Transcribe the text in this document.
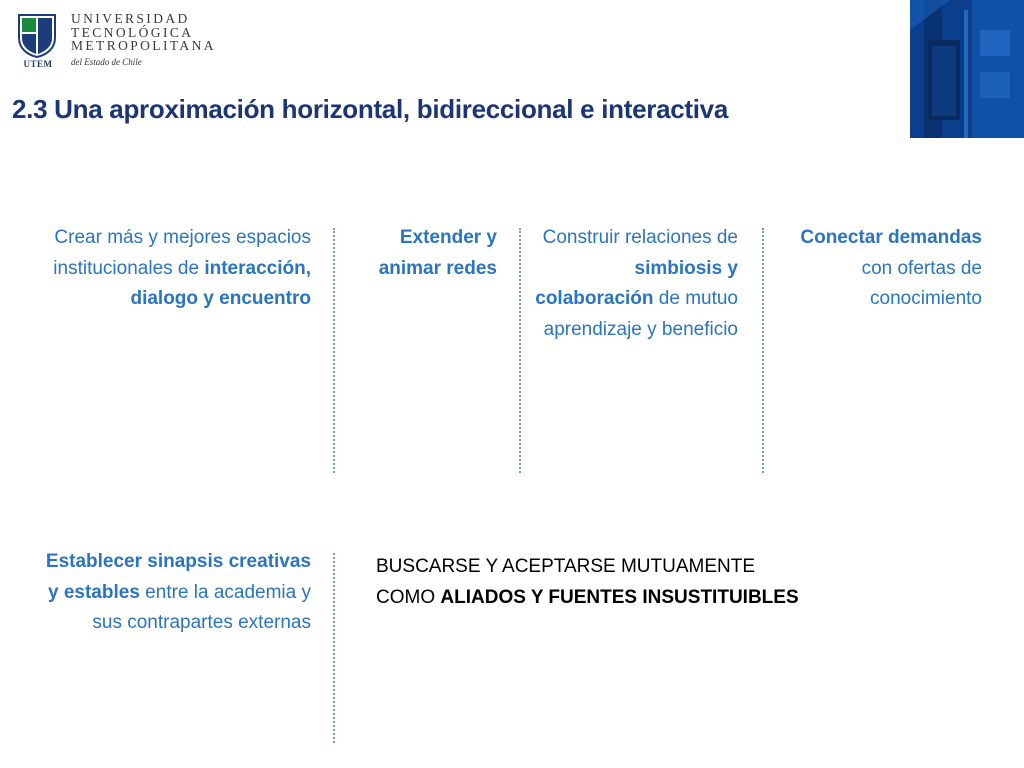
UTEM
UNIVERSIDAD
TECNOLÓGICA
METROPOLITANA
del Estado de Chile
2.3 Una aproximación horizontal, bidireccional e interactiva
Crear más y mejores espacios institucionales de interacción, dialogo y encuentro
Extender y animar redes
Construir relaciones de simbiosis y colaboración de mutuo aprendizaje y beneficio
Conectar demandas con ofertas de conocimiento
Establecer sinapsis creativas y estables entre la academia y sus contrapartes externas
BUSCARSE Y ACEPTARSE MUTUAMENTE
COMO ALIADOS Y FUENTES INSUSTITUIBLES
